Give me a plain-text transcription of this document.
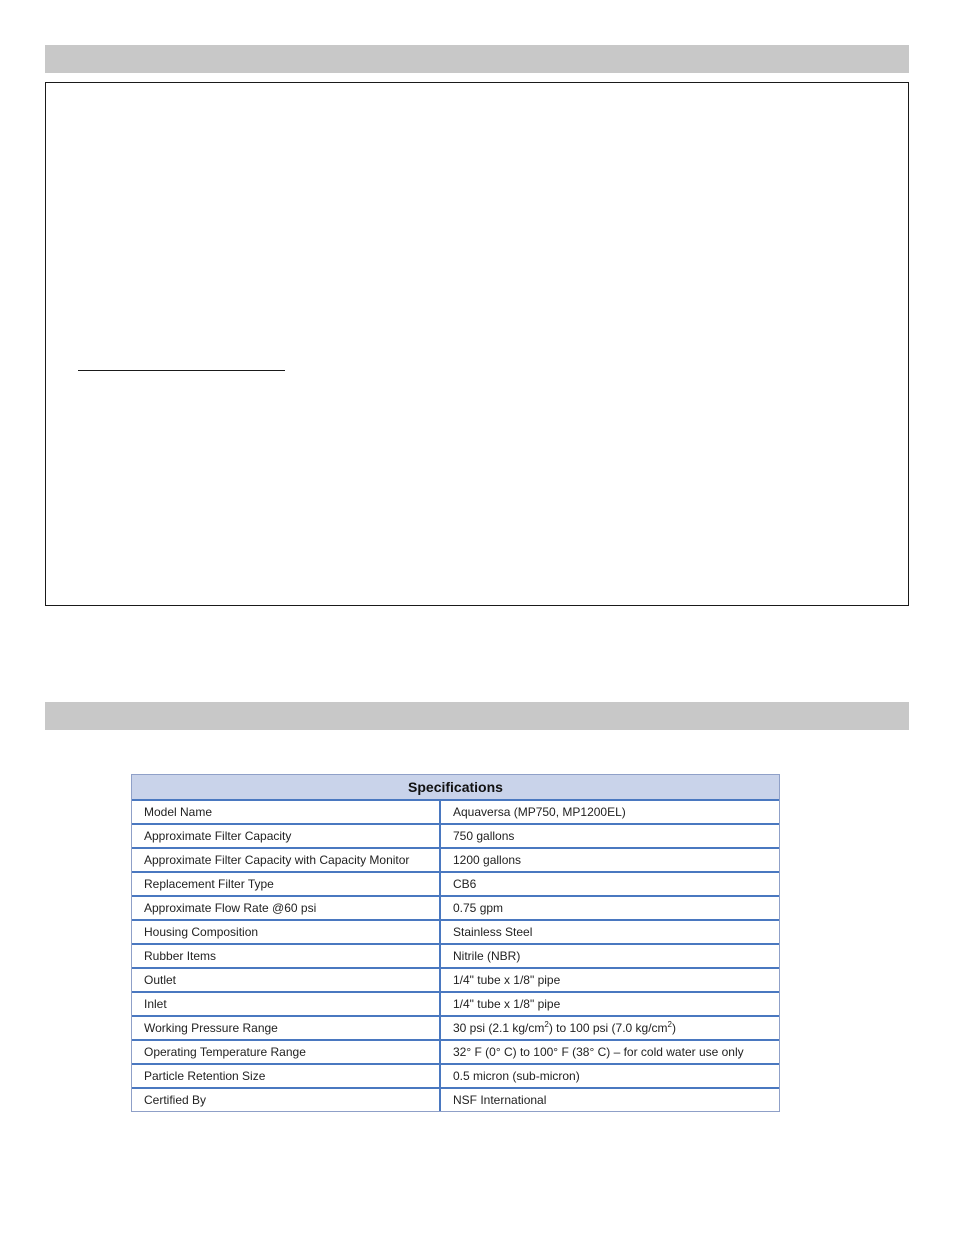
Specifications	
Model Name	Aquaversa (MP750, MP1200EL)
Approximate Filter Capacity	750 gallons
Approximate Filter Capacity with Capacity Monitor	1200 gallons
Replacement Filter Type	CB6
Approximate Flow Rate @60 psi	0.75 gpm
Housing Composition	Stainless Steel
Rubber Items	Nitrile (NBR)
Outlet	1/4" tube x 1/8" pipe
Inlet	1/4" tube x 1/8" pipe
Working Pressure Range	30 psi (2.1 $kg/cm^2$) to 100 psi (7.0 $kg/cm^2$)
Operating Temperature Range	32° F (0° C) to 100° F (38° C) – for cold water use only
Particle Retention Size	0.5 micron (sub-micron)
Certified By	NSF International
